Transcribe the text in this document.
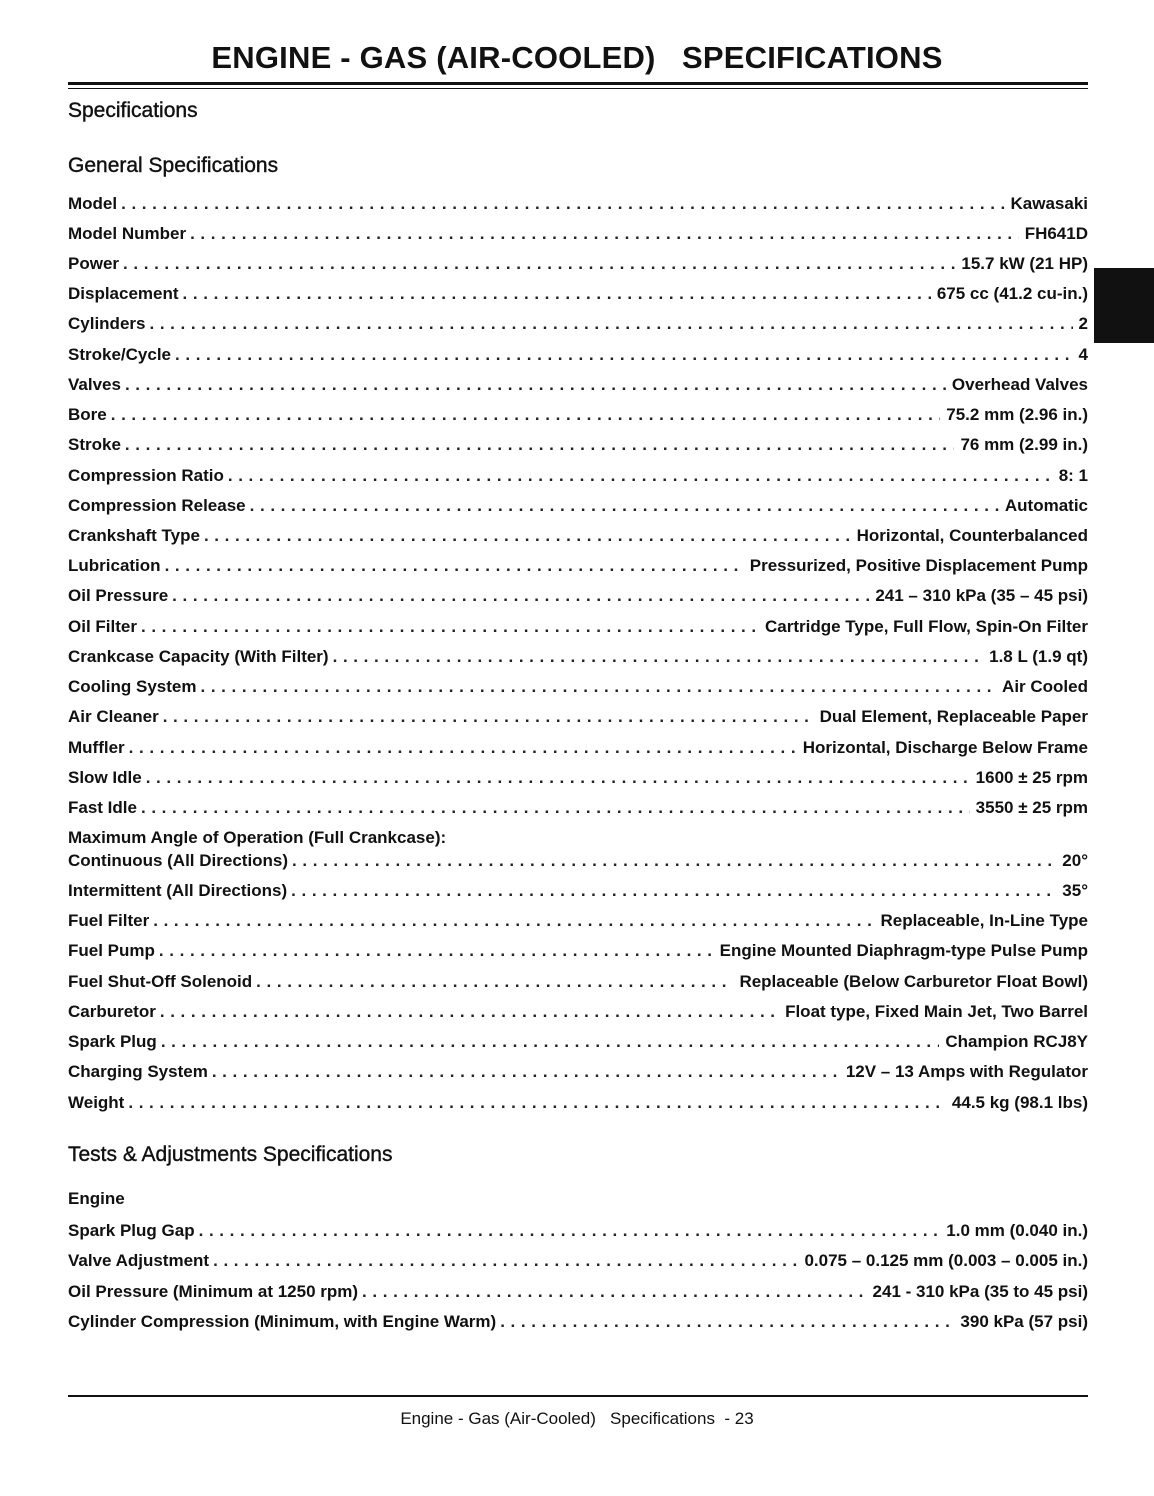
ENGINE - GAS (AIR-COOLED)   SPECIFICATIONS
Specifications
General Specifications
Model . . .	Kawasaki
Model Number . . .	FH641D
Power . . .	15.7 kW (21 HP)
Displacement . . .	675 cc (41.2 cu-in.)
Cylinders . . .	2
Stroke/Cycle . . .	4
Valves . . .	Overhead Valves
Bore . . .	75.2 mm (2.96 in.)
Stroke . . .	76 mm (2.99 in.)
Compression Ratio . . .	8: 1
Compression Release . . .	Automatic
Crankshaft Type . . .	Horizontal, Counterbalanced
Lubrication . . .	Pressurized, Positive Displacement Pump
Oil Pressure . . .	241 – 310 kPa (35 – 45 psi)
Oil Filter . . .	Cartridge Type, Full Flow, Spin-On Filter
Crankcase Capacity (With Filter) . . .	1.8 L (1.9 qt)
Cooling System . . .	Air Cooled
Air Cleaner . . .	Dual Element, Replaceable Paper
Muffler . . .	Horizontal, Discharge Below Frame
Slow Idle . . .	1600 ± 25 rpm
Fast Idle . . .	3550 ± 25 rpm
Maximum Angle of Operation (Full Crankcase):
Continuous (All Directions) . . .	20°
Intermittent (All Directions) . . .	35°
Fuel Filter . . .	Replaceable, In-Line Type
Fuel Pump . . .	Engine Mounted Diaphragm-type Pulse Pump
Fuel Shut-Off Solenoid . . .	Replaceable (Below Carburetor Float Bowl)
Carburetor . . .	Float type, Fixed Main Jet, Two Barrel
Spark Plug . . .	Champion RCJ8Y
Charging System . . .	12V – 13 Amps with Regulator
Weight . . .	44.5 kg (98.1 lbs)
Tests & Adjustments Specifications
Engine
Spark Plug Gap . . .	1.0 mm (0.040 in.)
Valve Adjustment . . .	0.075 – 0.125 mm (0.003 – 0.005 in.)
Oil Pressure (Minimum at 1250 rpm) . . .	241 - 310 kPa (35 to 45 psi)
Cylinder Compression (Minimum, with Engine Warm) . . .	390 kPa (57 psi)
Engine - Gas (Air-Cooled)   Specifications  - 23
